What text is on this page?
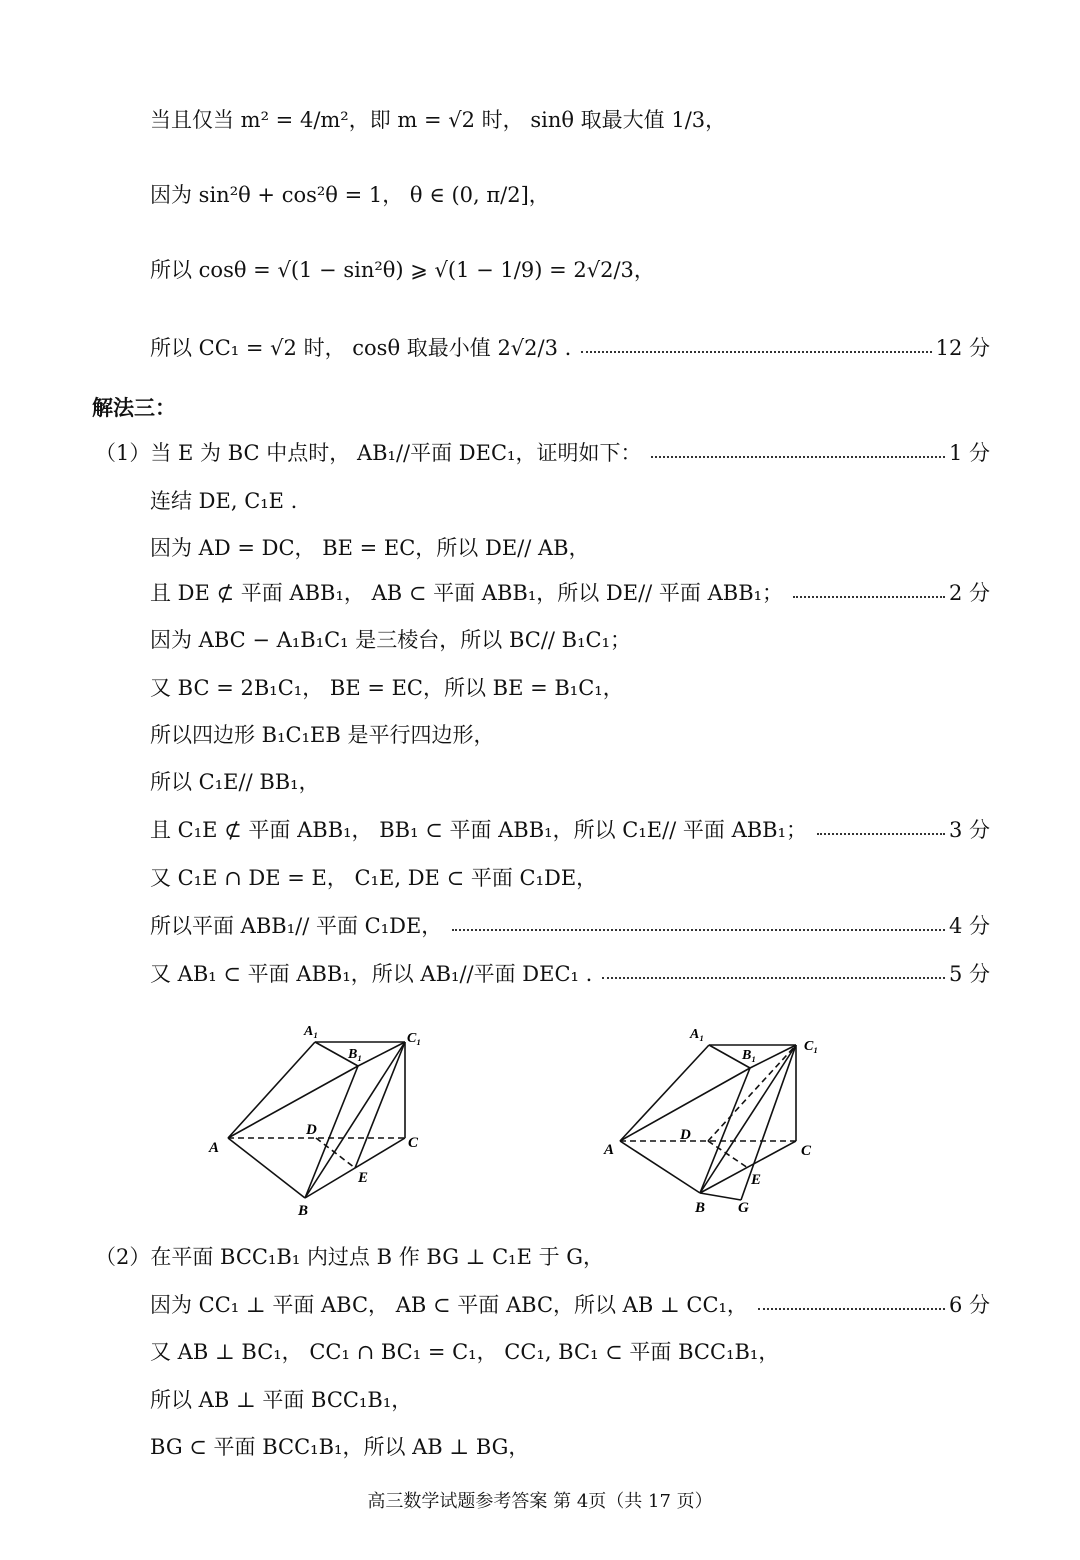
当且仅当 m² = 4/m²，即 m = √2 时， sinθ 取最大值 1/3，
因为 sin²θ + cos²θ = 1， θ ∈ (0, π/2]，
所以 cosθ = √(1 − sin²θ) ⩾ √(1 − 1/9) = 2√2/3，
所以 CC₁ = √2 时， cosθ 取最小值 2√2/3 .	12 分
解法三：
（1）当 E 为 BC 中点时， AB₁//平面 DEC₁，证明如下：	1 分
连结 DE, C₁E .
因为 AD = DC， BE = EC，所以 DE// AB，
且 DE ⊄ 平面 ABB₁， AB ⊂ 平面 ABB₁，所以 DE// 平面 ABB₁；	2 分
因为 ABC − A₁B₁C₁ 是三棱台，所以 BC// B₁C₁；
又 BC = 2B₁C₁， BE = EC，所以 BE = B₁C₁，
所以四边形 B₁C₁EB 是平行四边形，
所以 C₁E// BB₁，
且 C₁E ⊄ 平面 ABB₁， BB₁ ⊂ 平面 ABB₁，所以 C₁E// 平面 ABB₁；	3 分
又 C₁E ∩ DE = E， C₁E, DE ⊂ 平面 C₁DE，
所以平面 ABB₁// 平面 C₁DE，	4 分
又 AB₁ ⊂ 平面 ABB₁，所以 AB₁//平面 DEC₁ .	5 分
A₁
B₁
C₁
A	C
D
E
B
A₁
B₁
C₁
A	C
D
E
B G
（2）在平面 BCC₁B₁ 内过点 B 作 BG ⊥ C₁E 于 G，
因为 CC₁ ⊥ 平面 ABC， AB ⊂ 平面 ABC，所以 AB ⊥ CC₁，	6 分
又 AB ⊥ BC₁， CC₁ ∩ BC₁ = C₁， CC₁, BC₁ ⊂ 平面 BCC₁B₁，
所以 AB ⊥ 平面 BCC₁B₁，
BG ⊂ 平面 BCC₁B₁，所以 AB ⊥ BG，
高三数学试题参考答案 第 4页（共 17 页）
